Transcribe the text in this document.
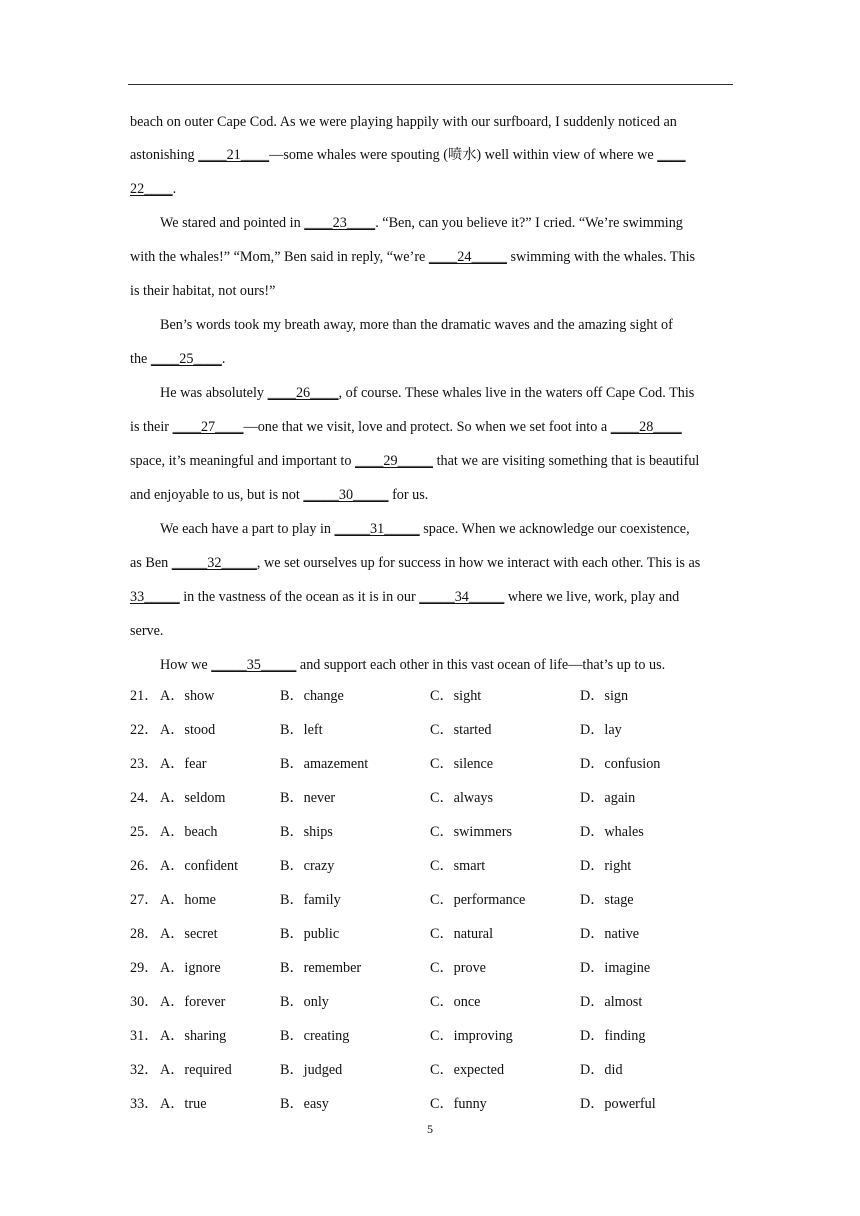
beach on outer Cape Cod. As we were playing happily with our surfboard, I suddenly noticed an
astonishing ____21____—some whales were spouting (喷水) well within view of where we ____
22____.
We stared and pointed in ____23____. “Ben, can you believe it?” I cried. “We’re swimming
with the whales!” “Mom,” Ben said in reply, “we’re ____24_____ swimming with the whales. This
is their habitat, not ours!”
Ben’s words took my breath away, more than the dramatic waves and the amazing sight of
the ____25____.
He was absolutely ____26____, of course. These whales live in the waters off Cape Cod. This
is their ____27____—one that we visit, love and protect. So when we set foot into a ____28____
space, it’s meaningful and important to ____29_____ that we are visiting something that is beautiful
and enjoyable to us, but is not _____30_____ for us.
We each have a part to play in _____31_____ space. When we acknowledge our coexistence,
as Ben _____32_____, we set ourselves up for success in how we interact with each other. This is as
33_____ in the vastness of the ocean as it is in our _____34_____ where we live, work, play and
serve.
How we _____35_____ and support each other in this vast ocean of life—that’s up to us.
21． A．show	B．change	C．sight	D．sign
22． A．stood	B．left	C．started	D．lay
23． A．fear	B．amazement	C．silence	D．confusion
24． A．seldom	B．never	C．always	D．again
25． A．beach	B．ships	C．swimmers	D．whales
26． A．confident	B．crazy	C．smart	D．right
27． A．home	B．family	C．performance	D．stage
28． A．secret	B．public	C．natural	D．native
29． A．ignore	B．remember	C．prove	D．imagine
30． A．forever	B．only	C．once	D．almost
31． A．sharing	B．creating	C．improving	D．finding
32． A．required	B．judged	C．expected	D．did
33． A．true	B．easy	C．funny	D．powerful
5
